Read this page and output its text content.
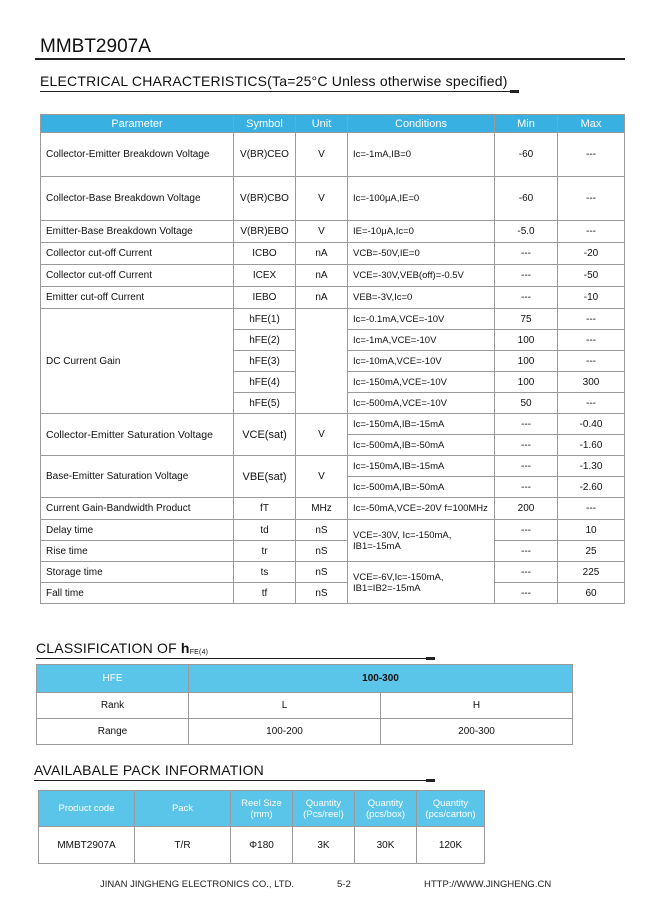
MMBT2907A
ELECTRICAL CHARACTERISTICS(Ta=25°C Unless otherwise specified)
Parameter	Symbol	Unit	Conditions	Min	Max
Collector-Emitter Breakdown Voltage	V(BR)CEO	V	Ic=-1mA,IB=0	-60	---
Collector-Base Breakdown Voltage	V(BR)CBO	V	Ic=-100μA,IE=0	-60	---
Emitter-Base Breakdown Voltage	V(BR)EBO	V	IE=-10μA,Ic=0	-5.0	---
Collector cut-off Current	ICBO	nA	VCB=-50V,IE=0	---	-20
Collector cut-off Current	ICEX	nA	VCE=-30V,VEB(off)=-0.5V	---	-50
Emitter cut-off Current	IEBO	nA	VEB=-3V,Ic=0	---	-10
DC Current Gain	hFE(1)		Ic=-0.1mA,VCE=-10V	75	---
	hFE(2)		Ic=-1mA,VCE=-10V	100	---
	hFE(3)		Ic=-10mA,VCE=-10V	100	---
	hFE(4)		Ic=-150mA,VCE=-10V	100	300
	hFE(5)		Ic=-500mA,VCE=-10V	50	---
Collector-Emitter Saturation Voltage	VCE(sat)	V	Ic=-150mA,IB=-15mA	---	-0.40
			Ic=-500mA,IB=-50mA	---	-1.60
Base-Emitter Saturation Voltage	VBE(sat)	V	Ic=-150mA,IB=-15mA	---	-1.30
			Ic=-500mA,IB=-50mA	---	-2.60
Current Gain-Bandwidth Product	fT	MHz	Ic=-50mA,VCE=-20V f=100MHz	200	---
Delay time	td	nS	VCE=-30V, Ic=-150mA, IB1=-15mA	---	10
Rise time	tr	nS		---	25
Storage time	ts	nS	VCE=-6V,Ic=-150mA, IB1=IB2=-15mA	---	225
Fall time	tf	nS		---	60
CLASSIFICATION OF $h_{FE(4)}$
HFE	100-300	
Rank	L	H
Range	100-200	200-300
AVAILABALE PACK INFORMATION
Product code	Pack	Reel Size (mm)	Quantity (Pcs/reel)	Quantity (pcs/box)	Quantity (pcs/carton)
MMBT2907A	T/R	Φ180	3K	30K	120K
JINAN JINGHENG ELECTRONICS CO., LTD.	5-2	HTTP://WWW.JINGHENG.CN
